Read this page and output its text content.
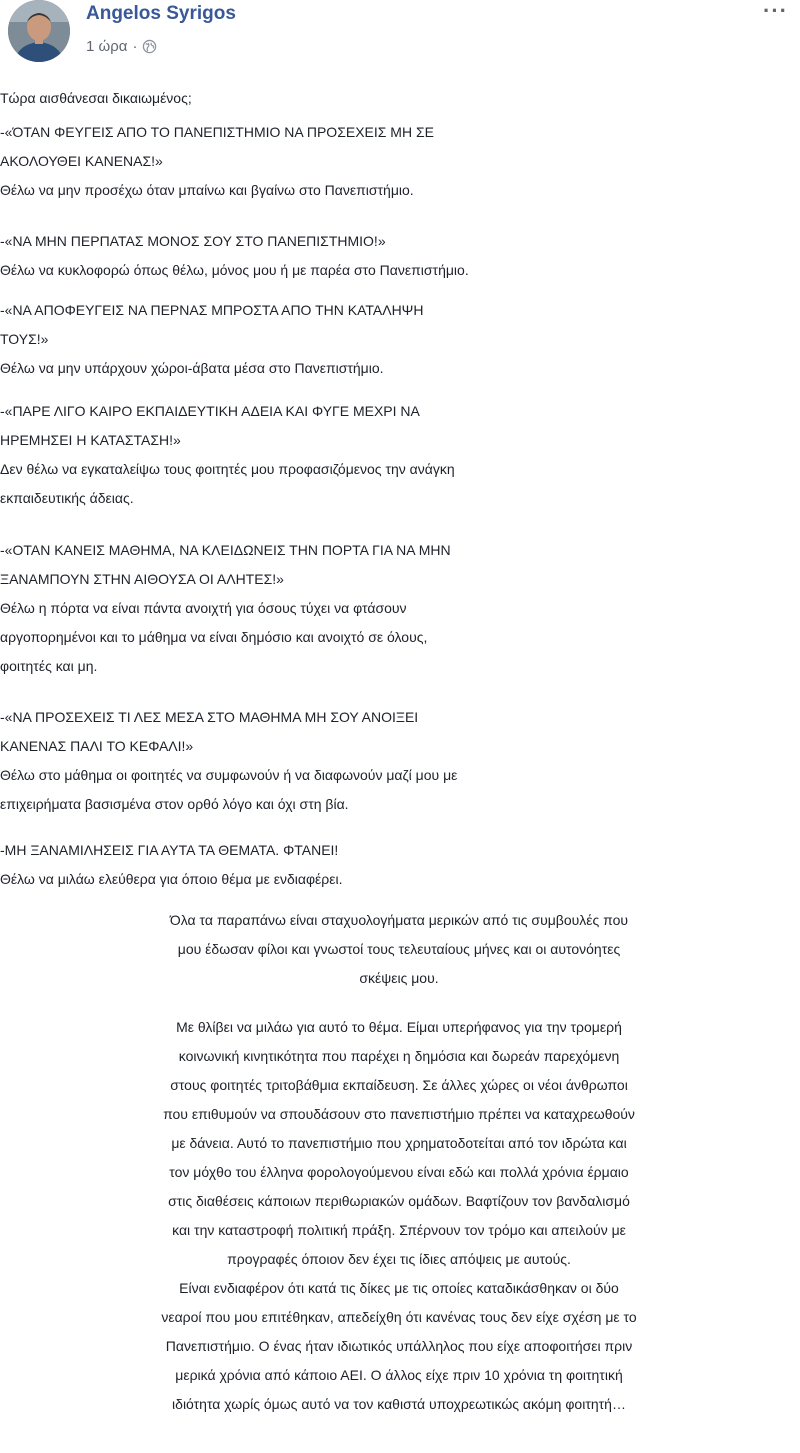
Angelos Syrigos
1 ώρα ·
···
Τώρα αισθάνεσαι δικαιωμένος;
-«ΌΤΑΝ ΦΕΥΓΕΙΣ ΑΠΟ ΤΟ ΠΑΝΕΠΙΣΤΗΜΙΟ ΝΑ ΠΡΟΣΕΧΕΙΣ ΜΗ ΣΕ
ΑΚΟΛΟΥΘΕΙ ΚΑΝΕΝΑΣ!»
Θέλω να μην προσέχω όταν μπαίνω και βγαίνω στο Πανεπιστήμιο.
-«ΝΑ ΜΗΝ ΠΕΡΠΑΤΑΣ ΜΟΝΟΣ ΣΟΥ ΣΤΟ ΠΑΝΕΠΙΣΤΗΜΙΟ!»
Θέλω να κυκλοφορώ όπως θέλω, μόνος μου ή με παρέα στο Πανεπιστήμιο.
-«ΝΑ ΑΠΟΦΕΥΓΕΙΣ ΝΑ ΠΕΡΝΑΣ ΜΠΡΟΣΤΑ ΑΠΟ ΤΗΝ ΚΑΤΑΛΗΨΗ
ΤΟΥΣ!»
Θέλω να μην υπάρχουν χώροι-άβατα μέσα στο Πανεπιστήμιο.
-«ΠΑΡΕ ΛΙΓΟ ΚΑΙΡΟ ΕΚΠΑΙΔΕΥΤΙΚΗ ΑΔΕΙΑ ΚΑΙ ΦΥΓΕ ΜΕΧΡΙ ΝΑ
ΗΡΕΜΗΣΕΙ Η ΚΑΤΑΣΤΑΣΗ!»
Δεν θέλω να εγκαταλείψω τους φοιτητές μου προφασιζόμενος την ανάγκη
εκπαιδευτικής άδειας.
-«ΟΤΑΝ ΚΑΝΕΙΣ ΜΑΘΗΜΑ, ΝΑ ΚΛΕΙΔΩΝΕΙΣ ΤΗΝ ΠΟΡΤΑ ΓΙΑ ΝΑ ΜΗΝ
ΞΑΝΑΜΠΟΥΝ ΣΤΗΝ ΑΙΘΟΥΣΑ ΟΙ ΑΛΗΤΕΣ!»
Θέλω η πόρτα να είναι πάντα ανοιχτή για όσους τύχει να φτάσουν
αργοπορημένοι και το μάθημα να είναι δημόσιο και ανοιχτό σε όλους,
φοιτητές και μη.
-«ΝΑ ΠΡΟΣΕΧΕΙΣ ΤΙ ΛΕΣ ΜΕΣΑ ΣΤΟ ΜΑΘΗΜΑ ΜΗ ΣΟΥ ΑΝΟΙΞΕΙ
ΚΑΝΕΝΑΣ ΠΑΛΙ ΤΟ ΚΕΦΑΛΙ!»
Θέλω στο μάθημα οι φοιτητές να συμφωνούν ή να διαφωνούν μαζί μου με
επιχειρήματα βασισμένα στον ορθό λόγο και όχι στη βία.
-ΜΗ ΞΑΝΑΜΙΛΗΣΕΙΣ ΓΙΑ ΑΥΤΑ ΤΑ ΘΕΜΑΤΑ. ΦΤΑΝΕΙ!
Θέλω να μιλάω ελεύθερα για όποιο θέμα με ενδιαφέρει.
Όλα τα παραπάνω είναι σταχυολογήματα μερικών από τις συμβουλές που
μου έδωσαν φίλοι και γνωστοί τους τελευταίους μήνες και οι αυτονόητες
σκέψεις μου.
Με θλίβει να μιλάω για αυτό το θέμα. Είμαι υπερήφανος για την τρομερή
κοινωνική κινητικότητα που παρέχει η δημόσια και δωρεάν παρεχόμενη
στους φοιτητές τριτοβάθμια εκπαίδευση. Σε άλλες χώρες οι νέοι άνθρωποι
που επιθυμούν να σπουδάσουν στο πανεπιστήμιο πρέπει να καταχρεωθούν
με δάνεια. Αυτό το πανεπιστήμιο που χρηματοδοτείται από τον ιδρώτα και
τον μόχθο του έλληνα φορολογούμενου είναι εδώ και πολλά χρόνια έρμαιο
στις διαθέσεις κάποιων περιθωριακών ομάδων. Βαφτίζουν τον βανδαλισμό
και την καταστροφή πολιτική πράξη. Σπέρνουν τον τρόμο και απειλούν με
προγραφές όποιον δεν έχει τις ίδιες απόψεις με αυτούς.
Είναι ενδιαφέρον ότι κατά τις δίκες με τις οποίες καταδικάσθηκαν οι δύο
νεαροί που μου επιτέθηκαν, απεδείχθη ότι κανένας τους δεν είχε σχέση με το
Πανεπιστήμιο. Ο ένας ήταν ιδιωτικός υπάλληλος που είχε αποφοιτήσει πριν
μερικά χρόνια από κάποιο ΑΕΙ. Ο άλλος είχε πριν 10 χρόνια τη φοιτητική
ιδιότητα χωρίς όμως αυτό να τον καθιστά υποχρεωτικώς ακόμη φοιτητή…
